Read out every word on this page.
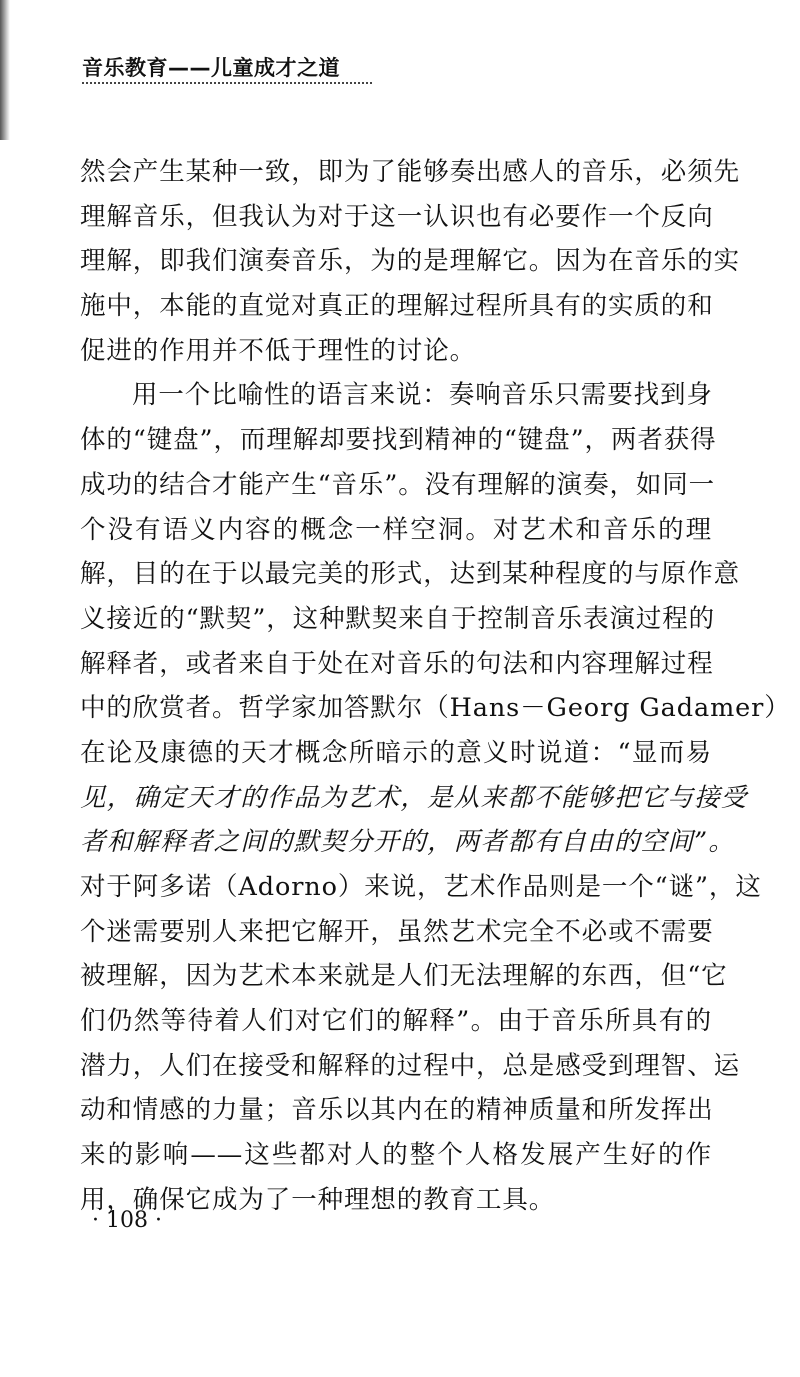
音乐教育——儿童成才之道
然会产生某种一致，即为了能够奏出感人的音乐，必须先
理解音乐，但我认为对于这一认识也有必要作一个反向
理解，即我们演奏音乐，为的是理解它。因为在音乐的实
施中，本能的直觉对真正的理解过程所具有的实质的和
促进的作用并不低于理性的讨论。
用一个比喻性的语言来说：奏响音乐只需要找到身
体的“键盘”，而理解却要找到精神的“键盘”，两者获得
成功的结合才能产生“音乐”。没有理解的演奏，如同一
个没有语义内容的概念一样空洞。对艺术和音乐的理
解，目的在于以最完美的形式，达到某种程度的与原作意
义接近的“默契”，这种默契来自于控制音乐表演过程的
解释者，或者来自于处在对音乐的句法和内容理解过程
中的欣赏者。哲学家加答默尔（Hans－Georg Gadamer）
在论及康德的天才概念所暗示的意义时说道：“显而易
见，确定天才的作品为艺术，是从来都不能够把它与接受
者和解释者之间的默契分开的，两者都有自由的空间”。
对于阿多诺（Adorno）来说，艺术作品则是一个“谜”，这
个迷需要别人来把它解开，虽然艺术完全不必或不需要
被理解，因为艺术本来就是人们无法理解的东西，但“它
们仍然等待着人们对它们的解释”。由于音乐所具有的
潜力，人们在接受和解释的过程中，总是感受到理智、运
动和情感的力量；音乐以其内在的精神质量和所发挥出
来的影响——这些都对人的整个人格发展产生好的作
用，确保它成为了一种理想的教育工具。
· 108 ·
